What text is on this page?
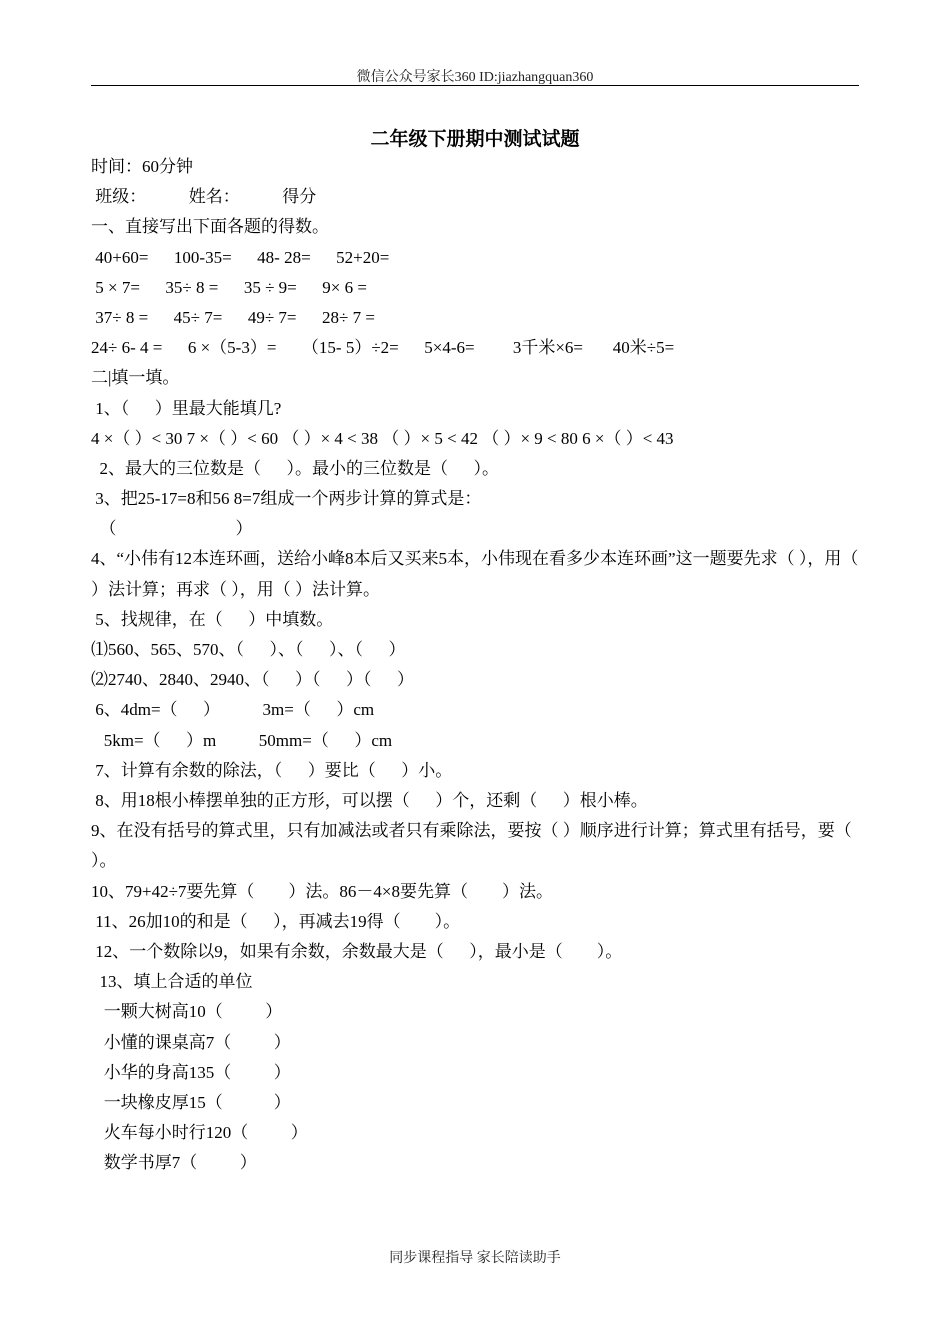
微信公众号家长360 ID:jiazhangquan360
二年级下册期中测试试题
时间：60分钟
班级：          姓名：          得分
一、直接写出下面各题的得数。
40+60=      100-35=      48- 28=      52+20=
5 × 7=      35÷ 8 =      35 ÷ 9=      9× 6 =
37÷ 8 =      45÷ 7=      49÷ 7=      28÷ 7 =
24÷ 6- 4 =      6 ×（5-3）=      （15- 5）÷2=      5×4-6=         3千米×6=       40米÷5=
二|填一填。
1、（      ）里最大能填几?
4 ×（ ）< 30 7 ×（ ）< 60 （ ）× 4 < 38 （ ）× 5 < 42 （ ）× 9 < 80 6 ×（ ）< 43
2、最大的三位数是（      ）。最小的三位数是（      ）。
3、把25-17=8和56 8=7组成一个两步计算的算式是：
（                            ）
4、“小伟有12本连环画，送给小峰8本后又买来5本，小伟现在看多少本连环画”这一题要先求（ ），用（ ）法计算；再求（ ），用（ ）法计算。
5、找规律，在（      ）中填数。
⑴560、565、570、（      ）、（      ）、（      ）
⑵2740、2840、2940、（      ）（      ）（      ）
6、4dm=（      ）          3m=（      ）cm
5km=（      ）m          50mm=（      ）cm
7、计算有余数的除法，（      ）要比（      ）小。
8、用18根小棒摆单独的正方形，可以摆（      ）个，还剩（      ）根小棒。
9、在没有括号的算式里，只有加减法或者只有乘除法，要按（ ）顺序进行计算；算式里有括号，要（ ）。
10、79+42÷7要先算（        ）法。86－4×8要先算（        ）法。
11、26加10的和是（      ），再减去19得（        ）。
12、一个数除以9，如果有余数，余数最大是（      ），最小是（        ）。
13、填上合适的单位
一颗大树高10（          ）
小懂的课桌高7（          ）
小华的身高135（          ）
一块橡皮厚15（            ）
火车每小时行120（          ）
数学书厚7（          ）
同步课程指导 家长陪读助手
